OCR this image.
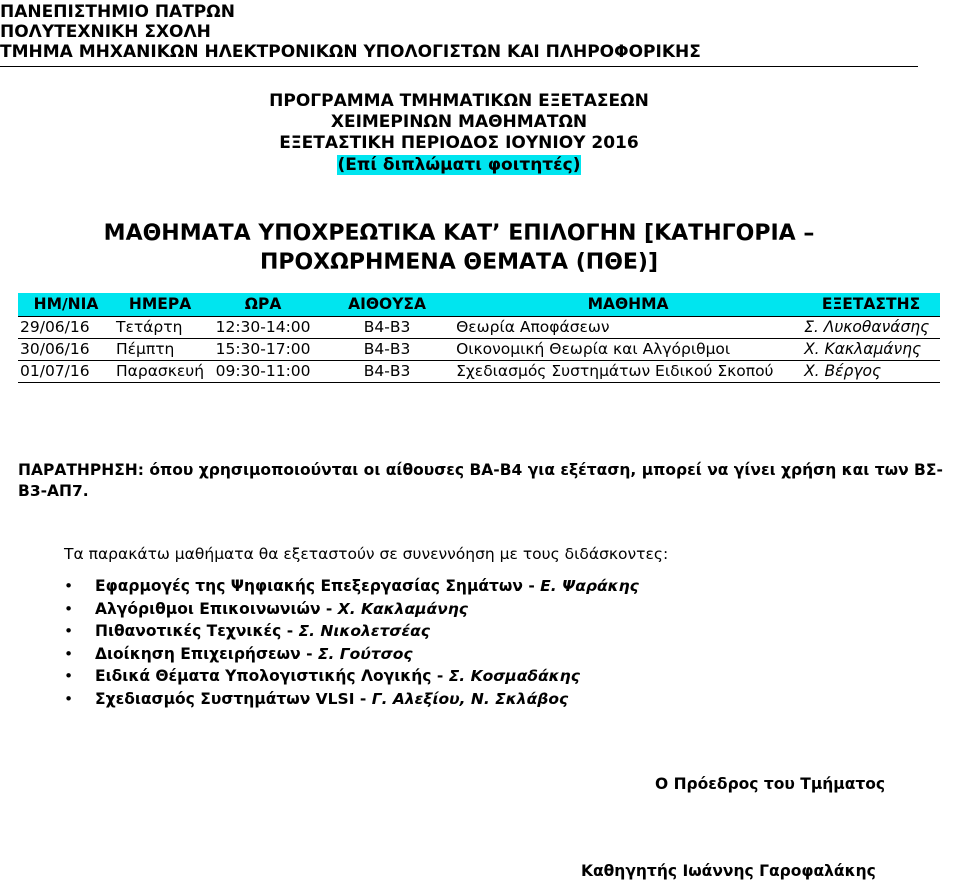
ΠΑΝΕΠΙΣΤΗΜΙΟ ΠΑΤΡΩΝ
ΠΟΛΥΤΕΧΝΙΚΗ ΣΧΟΛΗ
ΤΜΗΜΑ ΜΗΧΑΝΙΚΩΝ ΗΛΕΚΤΡΟΝΙΚΩΝ ΥΠΟΛΟΓΙΣΤΩΝ ΚΑΙ ΠΛΗΡΟΦΟΡΙΚΗΣ
ΠΡΟΓΡΑΜΜΑ ΤΜΗΜΑΤΙΚΩΝ ΕΞΕΤΑΣΕΩΝ
ΧΕΙΜΕΡΙΝΩΝ ΜΑΘΗΜΑΤΩΝ
ΕΞΕΤΑΣΤΙΚΗ ΠΕΡΙΟΔΟΣ ΙΟΥΝΙΟΥ 2016
(Επί διπλώματι φοιτητές)
ΜΑΘΗΜΑΤΑ ΥΠΟΧΡΕΩΤΙΚΑ ΚΑΤ’ ΕΠΙΛΟΓΗΝ [ΚΑΤΗΓΟΡΙΑ –
ΠΡΟΧΩΡΗΜΕΝΑ ΘΕΜΑΤΑ (ΠΘΕ)]
ΗΜ/ΝΙΑ	ΗΜΕΡΑ	ΩΡΑ	ΑΙΘΟΥΣΑ	ΜΑΘΗΜΑ	ΕΞΕΤΑΣΤΗΣ
29/06/16	Τετάρτη	12:30-14:00	Β4-Β3	Θεωρία Αποφάσεων	Σ. Λυκοθανάσης
30/06/16	Πέμπτη	15:30-17:00	Β4-Β3	Οικονομική Θεωρία και Αλγόριθμοι	Χ. Κακλαμάνης
01/07/16	Παρασκευή	09:30-11:00	Β4-Β3	Σχεδιασμός Συστημάτων Ειδικού Σκοπού	Χ. Βέργος
ΠΑΡΑΤΗΡΗΣΗ: όπου χρησιμοποιούνται οι αίθουσες ΒΑ-Β4 για εξέταση, μπορεί να γίνει χρήση και των ΒΣ-Β3-ΑΠ7.
Τα παρακάτω μαθήματα θα εξεταστούν σε συνεννόηση με τους διδάσκοντες:
• Εφαρμογές της Ψηφιακής Επεξεργασίας Σημάτων - Ε. Ψαράκης
• Αλγόριθμοι Επικοινωνιών - Χ. Κακλαμάνης
• Πιθανοτικές Τεχνικές - Σ. Νικολετσέας
• Διοίκηση Επιχειρήσεων - Σ. Γούτσος
• Ειδικά Θέματα Υπολογιστικής Λογικής - Σ. Κοσμαδάκης
• Σχεδιασμός Συστημάτων VLSI - Γ. Αλεξίου, Ν. Σκλάβος
Ο Πρόεδρος του Τμήματος
Καθηγητής Ιωάννης Γαροφαλάκης
